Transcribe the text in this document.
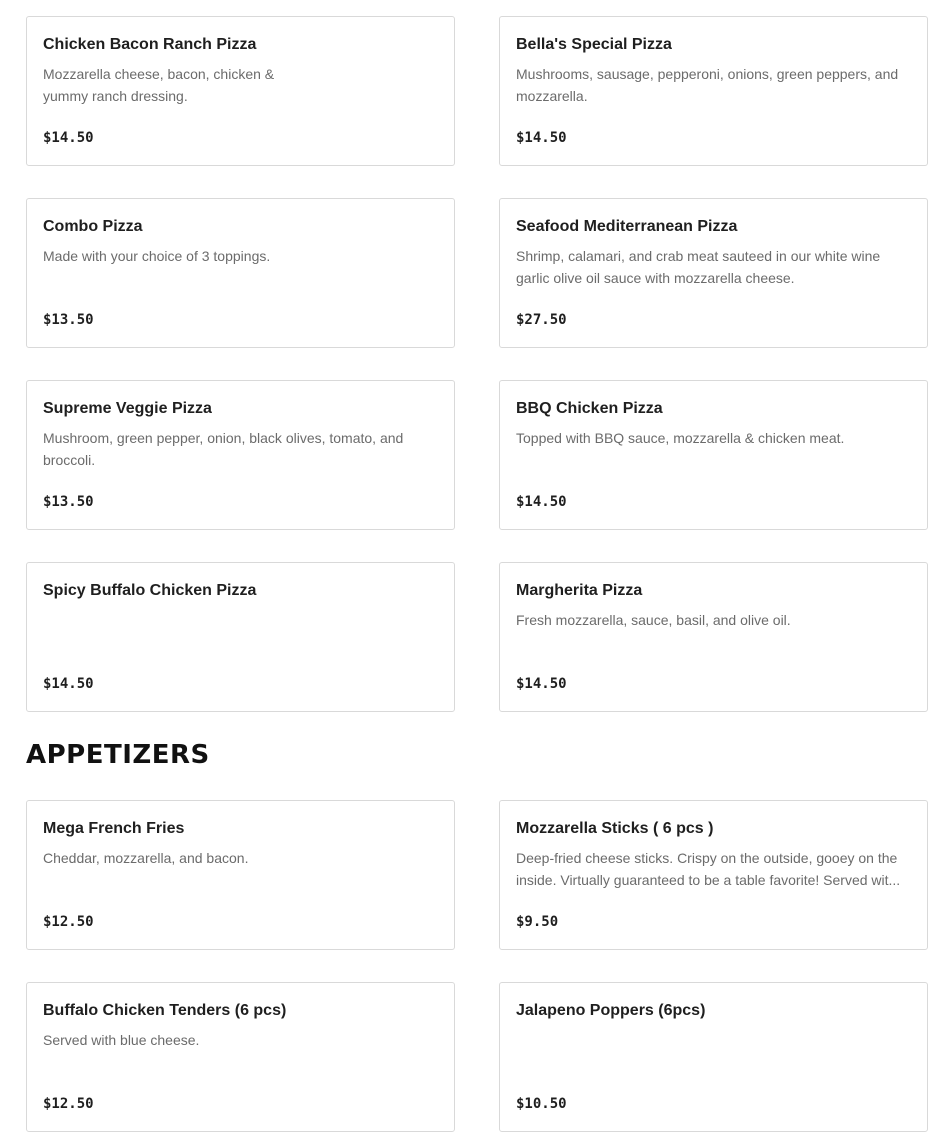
Chicken Bacon Ranch Pizza
Mozzarella cheese, bacon, chicken & yummy ranch dressing.
$14.50
Bella's Special Pizza
Mushrooms, sausage, pepperoni, onions, green peppers, and mozzarella.
$14.50
Combo Pizza
Made with your choice of 3 toppings.
$13.50
Seafood Mediterranean Pizza
Shrimp, calamari, and crab meat sauteed in our white wine garlic olive oil sauce with mozzarella cheese.
$27.50
Supreme Veggie Pizza
Mushroom, green pepper, onion, black olives, tomato, and broccoli.
$13.50
BBQ Chicken Pizza
Topped with BBQ sauce, mozzarella & chicken meat.
$14.50
Spicy Buffalo Chicken Pizza
$14.50
Margherita Pizza
Fresh mozzarella, sauce, basil, and olive oil.
$14.50
APPETIZERS
Mega French Fries
Cheddar, mozzarella, and bacon.
$12.50
Mozzarella Sticks ( 6 pcs )
Deep-fried cheese sticks. Crispy on the outside, gooey on the inside. Virtually guaranteed to be a table favorite! Served wit...
$9.50
Buffalo Chicken Tenders (6 pcs)
Served with blue cheese.
$12.50
Jalapeno Poppers (6pcs)
$10.50
